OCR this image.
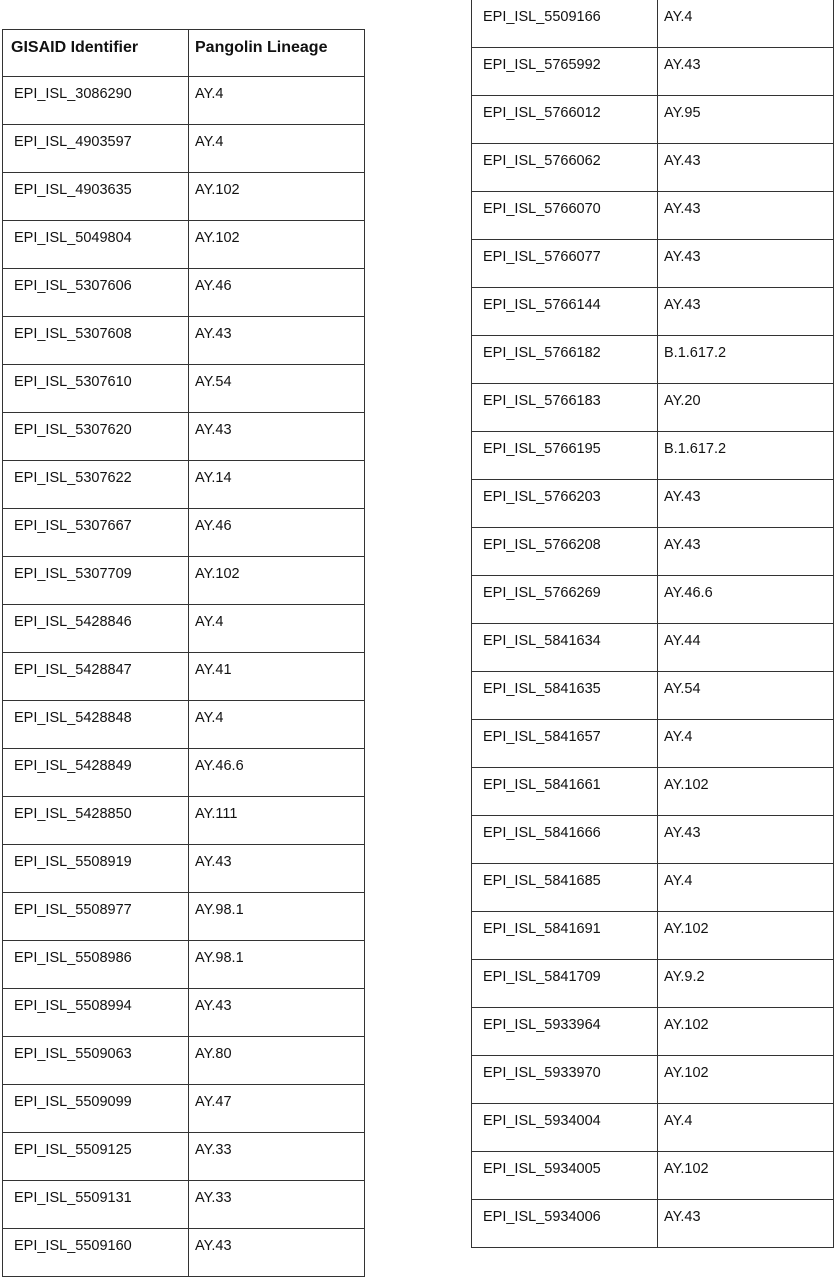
GISAID Identifier	Pangolin Lineage
EPI_ISL_3086290	AY.4
EPI_ISL_4903597	AY.4
EPI_ISL_4903635	AY.102
EPI_ISL_5049804	AY.102
EPI_ISL_5307606	AY.46
EPI_ISL_5307608	AY.43
EPI_ISL_5307610	AY.54
EPI_ISL_5307620	AY.43
EPI_ISL_5307622	AY.14
EPI_ISL_5307667	AY.46
EPI_ISL_5307709	AY.102
EPI_ISL_5428846	AY.4
EPI_ISL_5428847	AY.41
EPI_ISL_5428848	AY.4
EPI_ISL_5428849	AY.46.6
EPI_ISL_5428850	AY.111
EPI_ISL_5508919	AY.43
EPI_ISL_5508977	AY.98.1
EPI_ISL_5508986	AY.98.1
EPI_ISL_5508994	AY.43
EPI_ISL_5509063	AY.80
EPI_ISL_5509099	AY.47
EPI_ISL_5509125	AY.33
EPI_ISL_5509131	AY.33
EPI_ISL_5509160	AY.43
EPI_ISL_5509166	AY.4
EPI_ISL_5765992	AY.43
EPI_ISL_5766012	AY.95
EPI_ISL_5766062	AY.43
EPI_ISL_5766070	AY.43
EPI_ISL_5766077	AY.43
EPI_ISL_5766144	AY.43
EPI_ISL_5766182	B.1.617.2
EPI_ISL_5766183	AY.20
EPI_ISL_5766195	B.1.617.2
EPI_ISL_5766203	AY.43
EPI_ISL_5766208	AY.43
EPI_ISL_5766269	AY.46.6
EPI_ISL_5841634	AY.44
EPI_ISL_5841635	AY.54
EPI_ISL_5841657	AY.4
EPI_ISL_5841661	AY.102
EPI_ISL_5841666	AY.43
EPI_ISL_5841685	AY.4
EPI_ISL_5841691	AY.102
EPI_ISL_5841709	AY.9.2
EPI_ISL_5933964	AY.102
EPI_ISL_5933970	AY.102
EPI_ISL_5934004	AY.4
EPI_ISL_5934005	AY.102
EPI_ISL_5934006	AY.43
